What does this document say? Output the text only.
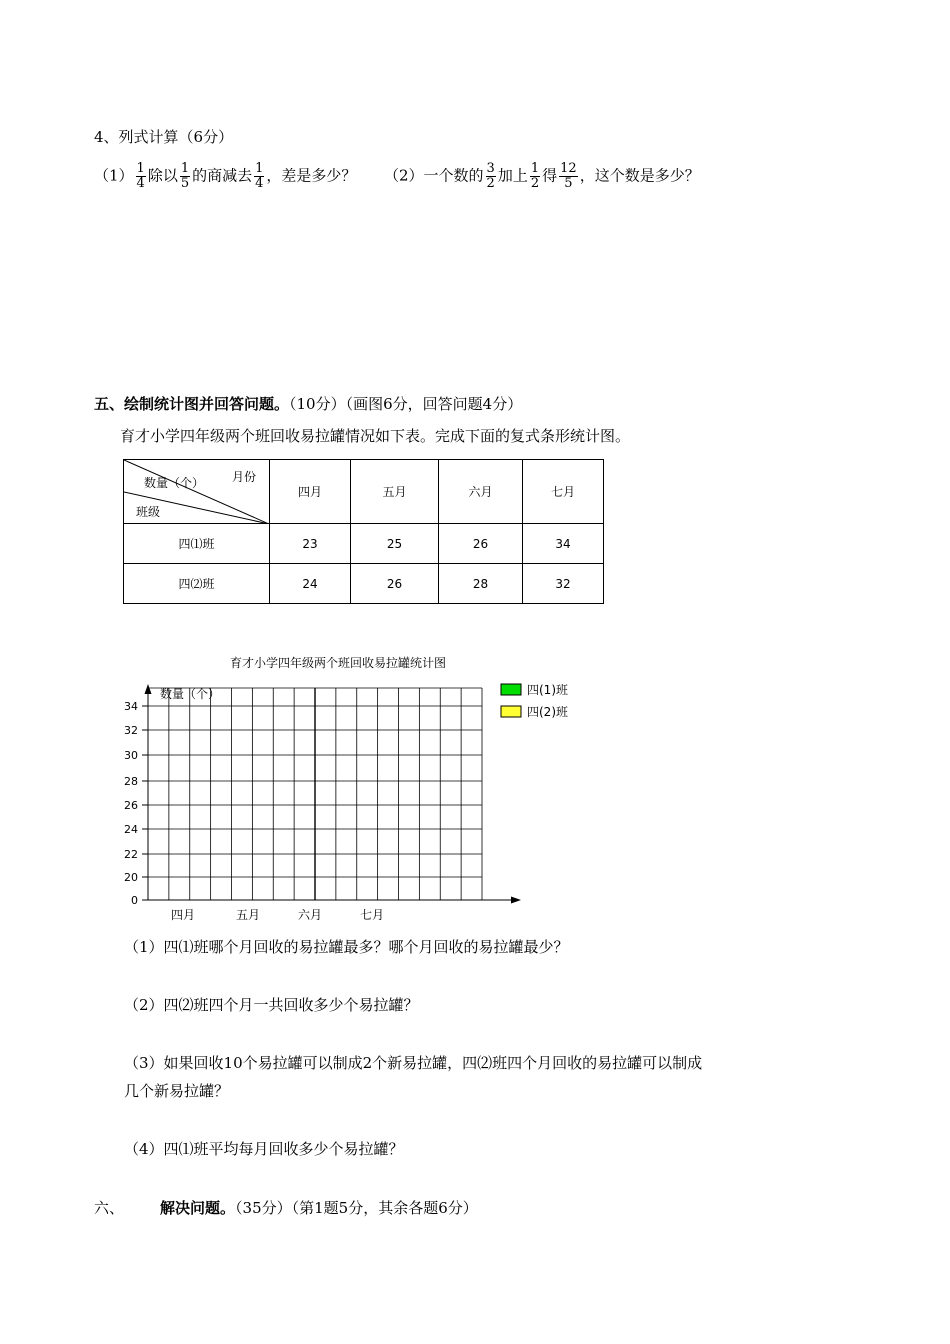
4、列式计算（6分）
$(1) \frac{1}{4}$ 除以 $\frac{1}{5}$ 的商减去 $\frac{1}{4}$ ，差是多少？ （2）一个数的 $\frac{3}{2}$ 加上 $\frac{1}{2}$ 得 $\frac{12}{5}$ ，这个数是多少？
五、绘制统计图并回答问题。（10分）（画图6分，回答问题4分）
育才小学四年级两个班回收易拉罐情况如下表。完成下面的复式条形统计图。
月份
数量（个）
班级	四月	五月	六月	七月
四⑴班	23	25	26	34
四⑵班	24	26	28	32
育才小学四年级两个班回收易拉罐统计图
数量（个）
0
20
22
24
26
28
30
32
34
四月	五月	六月	七月
四(1)班
四(2)班
（1）四⑴班哪个月回收的易拉罐最多？哪个月回收的易拉罐最少？
（2）四⑵班四个月一共回收多少个易拉罐？
（3）如果回收10个易拉罐可以制成2个新易拉罐，四⑵班四个月回收的易拉罐可以制成
几个新易拉罐？
（4）四⑴班平均每月回收多少个易拉罐？
六、 解决问题。（35分）（第1题5分，其余各题6分）
